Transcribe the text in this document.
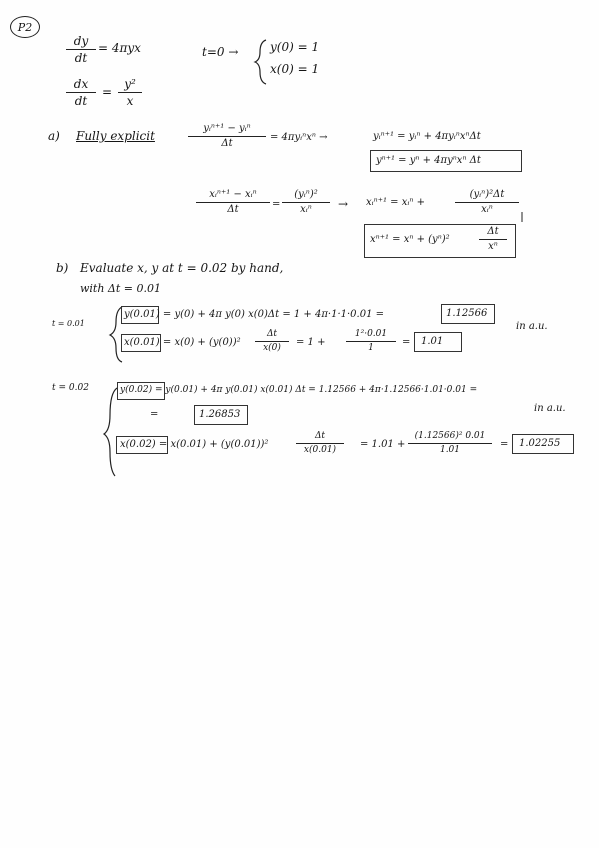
P2
dy
dt
= 4πyx
dx
dt
=
y²
x
t=0 →	y(0) = 1
x(0) = 1
a) Fully explicit
yᵢⁿ⁺¹ − yᵢⁿ
Δt
= 4πyᵢⁿxⁿ →	yᵢⁿ⁺¹ = yᵢⁿ + 4πyᵢⁿxⁿΔt
yⁿ⁺¹ = yⁿ + 4πyⁿxⁿ Δt
xᵢⁿ⁺¹ − xᵢⁿ
Δt	=
(yᵢⁿ)²
xᵢⁿ	→ xᵢⁿ⁺¹ = xᵢⁿ +
(yᵢⁿ)²Δt
xᵢⁿ
xⁿ⁺¹ = xⁿ + (yⁿ)²
Δt
xⁿ
b) Evaluate x, y at t = 0.02 by hand,
with Δt = 0.01
t = 0.01
y(0.01) = y(0) + 4π y(0) x(0)Δt = 1 + 4π·1·1·0.01 =	1.12566
in a.u.
x(0.01) = x(0) + (y(0))²
Δt
x(0)	= 1 +
1²·0.01
1	= 1.01
t = 0.02	y(0.02) = y(0.01) + 4π y(0.01) x(0.01) Δt = 1.12566 + 4π·1.12566·1.01·0.01 =
=	1.26853
in a.u.
x(0.02) = x(0.01) + (y(0.01))²
Δt
x(0.01)	= 1.01 +
(1.12566)² 0.01
1.01	= 1.02255
